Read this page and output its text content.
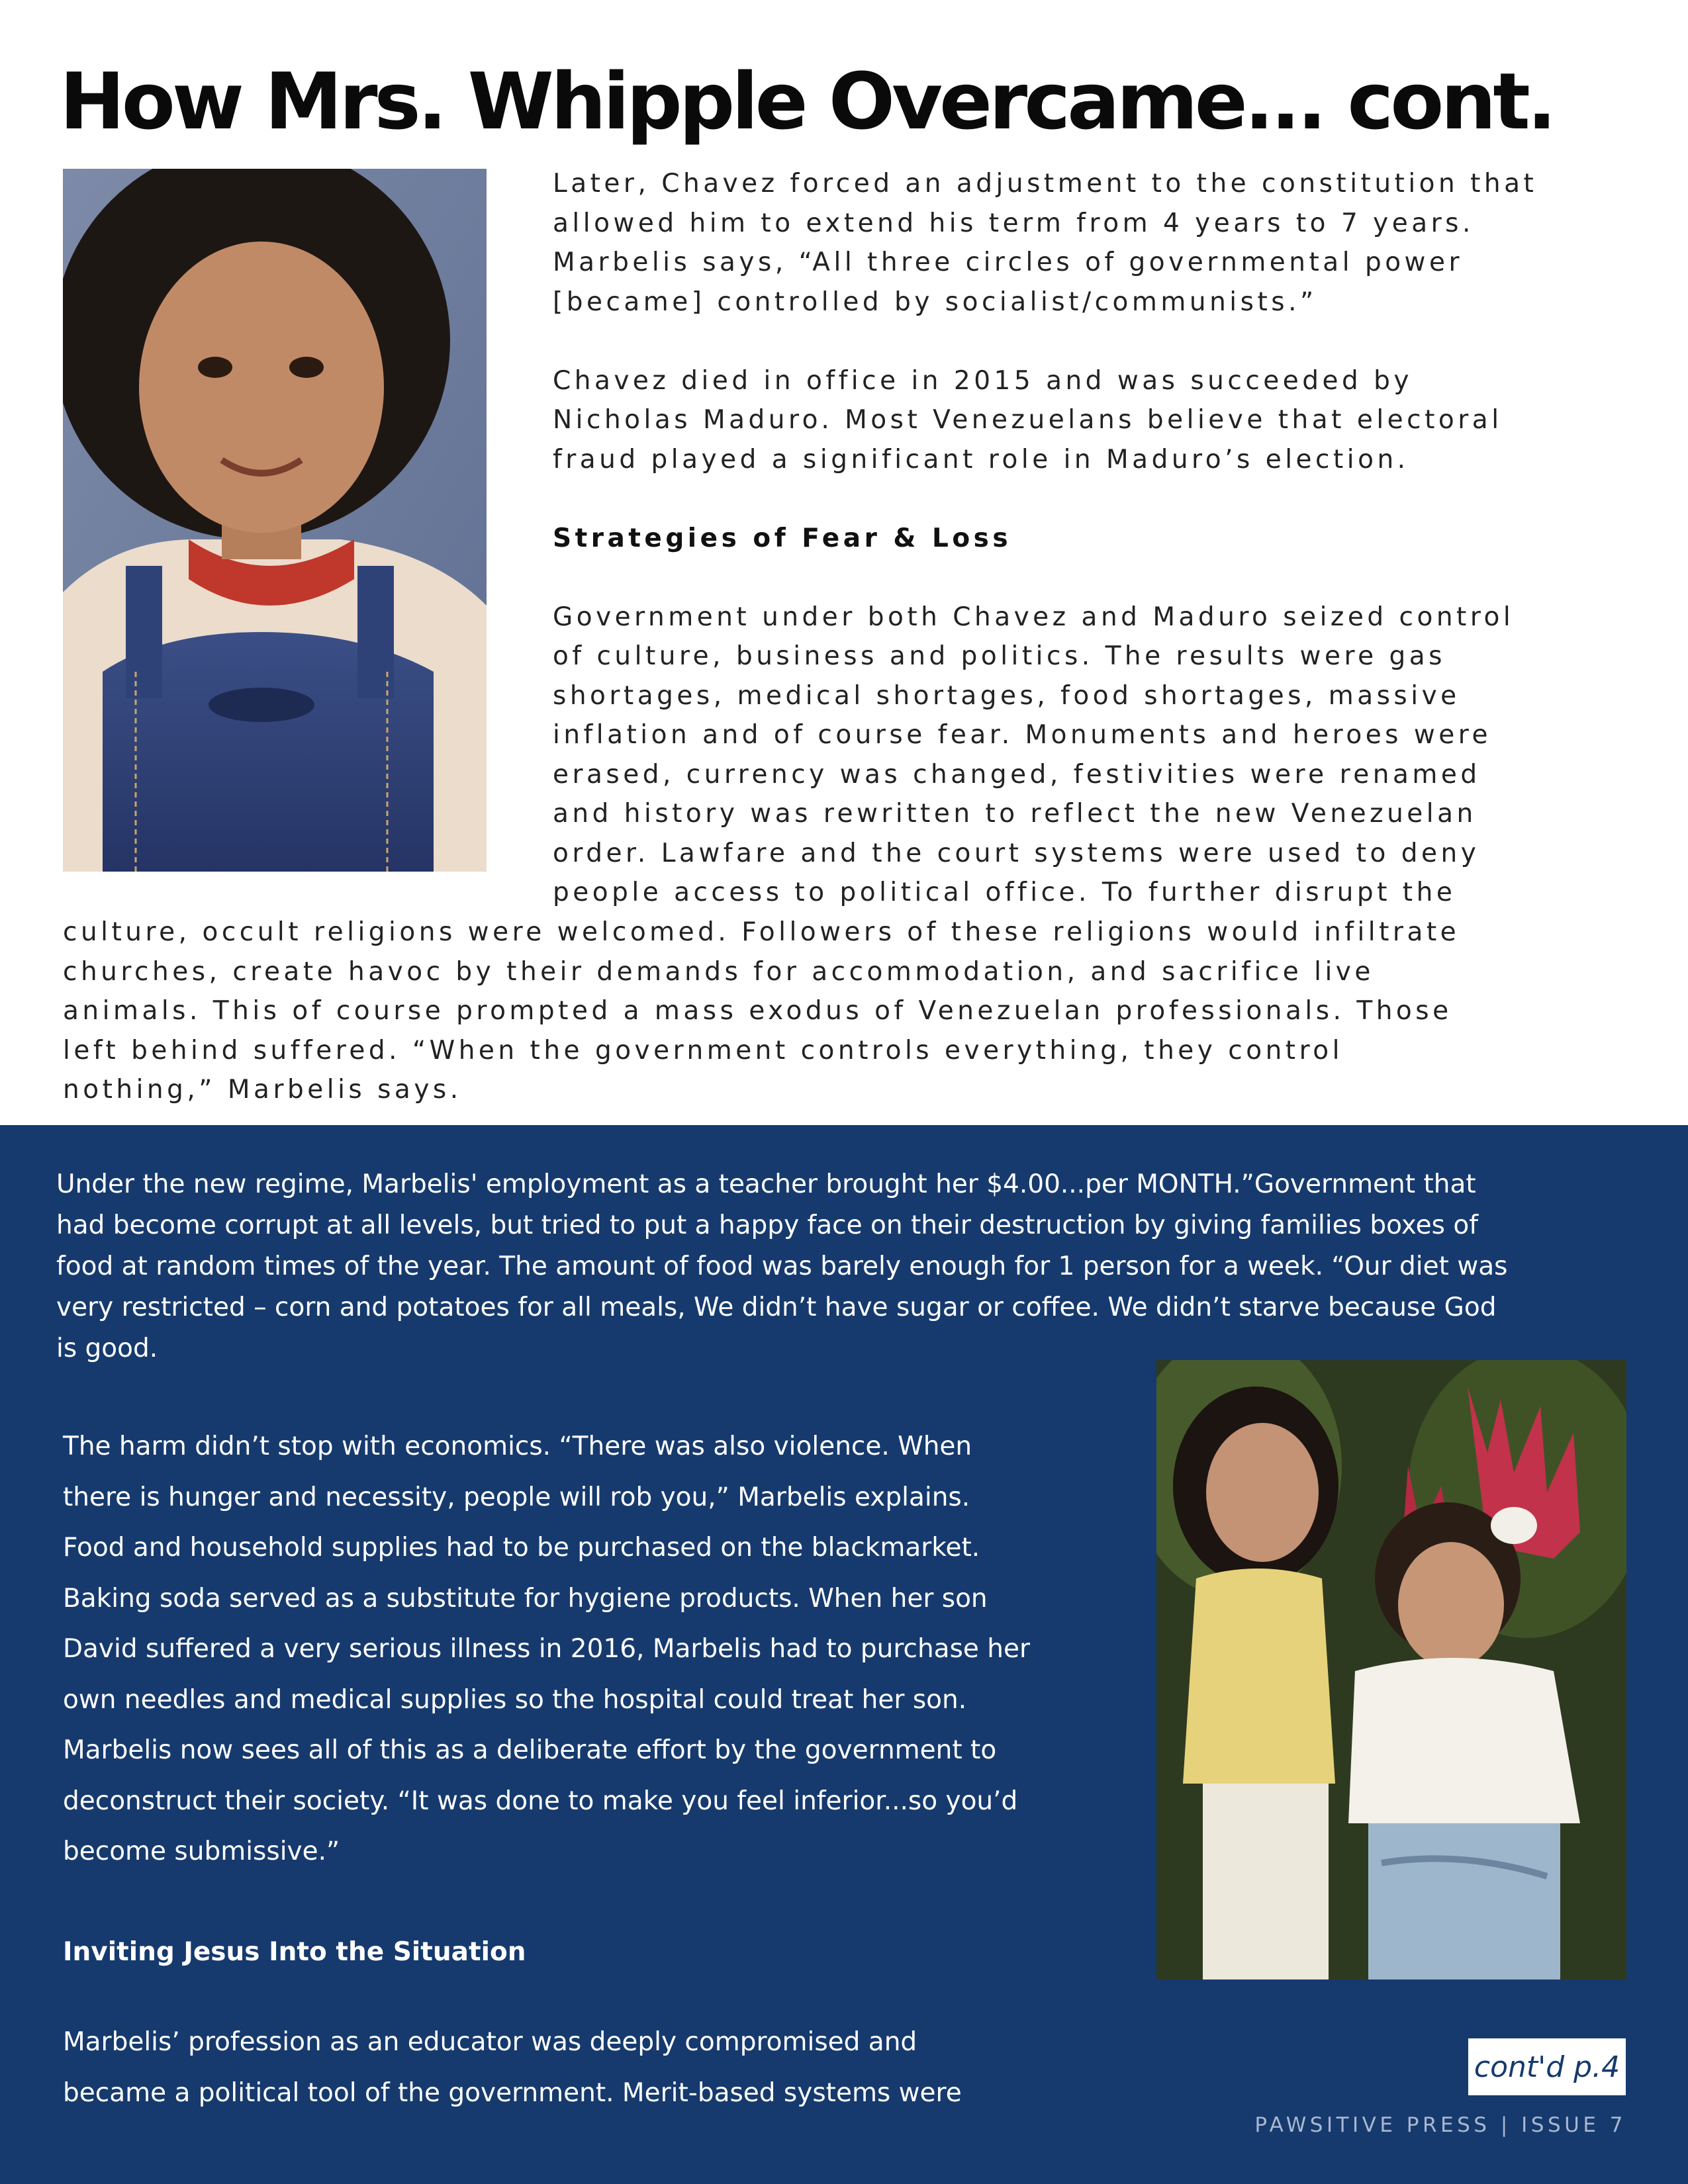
How Mrs. Whipple Overcame... cont.

Later, Chavez forced an adjustment to the constitution that
allowed him to extend his term from 4 years to 7 years.
Marbelis says, “All three circles of governmental power
[became] controlled by socialist/communists.”

Chavez died in office in 2015 and was succeeded by
Nicholas Maduro. Most Venezuelans believe that electoral
fraud played a significant role in Maduro’s election.

Strategies of Fear & Loss

Government under both Chavez and Maduro seized control
of culture, business and politics. The results were gas
shortages, medical shortages, food shortages, massive
inflation and of course fear. Monuments and heroes were
erased, currency was changed, festivities were renamed
and history was rewritten to reflect the new Venezuelan
order. Lawfare and the court systems were used to deny
people access to political office. To further disrupt the

culture, occult religions were welcomed. Followers of these religions would infiltrate
churches, create havoc by their demands for accommodation, and sacrifice live
animals. This of course prompted a mass exodus of Venezuelan professionals. Those
left behind suffered. “When the government controls everything, they control
nothing,” Marbelis says.

Under the new regime, Marbelis' employment as a teacher brought her $4.00...per MONTH.”Government that
had become corrupt at all levels, but tried to put a happy face on their destruction by giving families boxes of
food at random times of the year. The amount of food was barely enough for 1 person for a week. “Our diet was
very restricted – corn and potatoes for all meals, We didn’t have sugar or coffee. We didn’t starve because God
is good.

The harm didn’t stop with economics. “There was also violence. When
there is hunger and necessity, people will rob you,” Marbelis explains.
Food and household supplies had to be purchased on the blackmarket.
Baking soda served as a substitute for hygiene products. When her son
David suffered a very serious illness in 2016, Marbelis had to purchase her
own needles and medical supplies so the hospital could treat her son.
Marbelis now sees all of this as a deliberate effort by the government to
deconstruct their society. “It was done to make you feel inferior...so you’d
become submissive.”

Inviting Jesus Into the Situation

Marbelis’ profession as an educator was deeply compromised and
became a political tool of the government. Merit-based systems were

cont'd p.4
PAWSITIVE PRESS | ISSUE 7
